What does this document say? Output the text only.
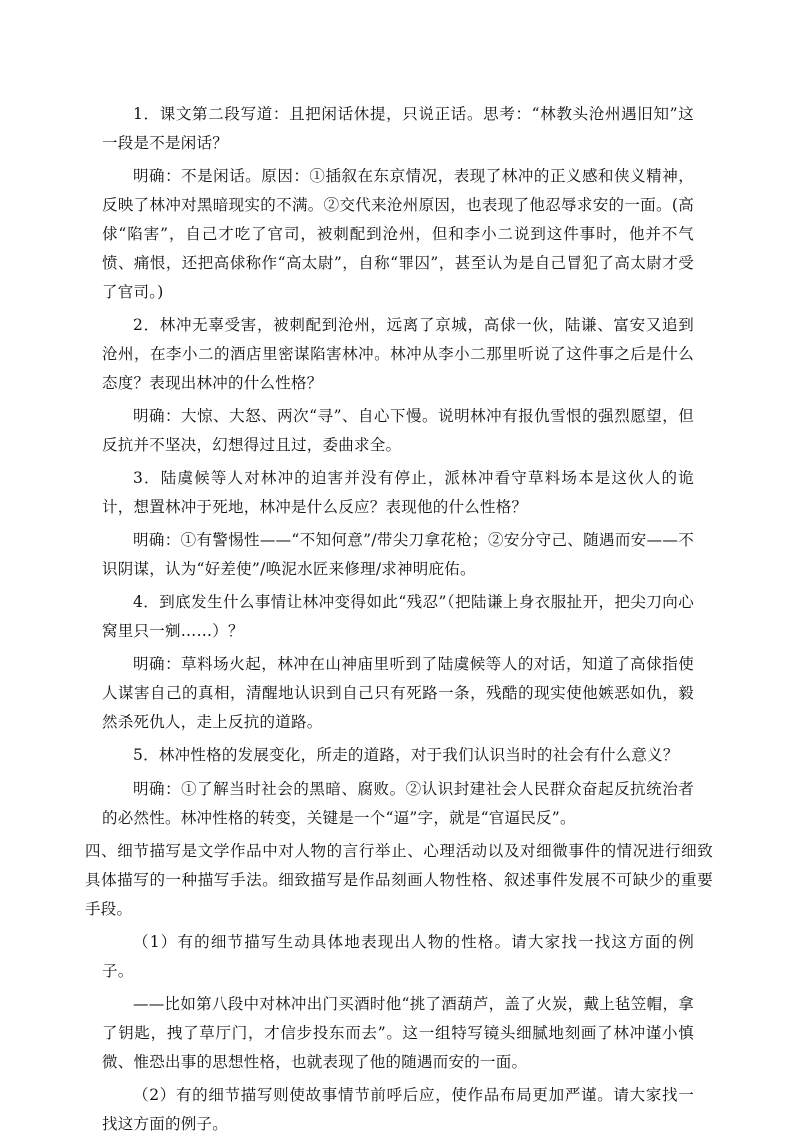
1．课文第二段写道：且把闲话休提，只说正话。思考：“林教头沧州遇旧知”这一段是不是闲话？

明确：不是闲话。原因：①插叙在东京情况，表现了林冲的正义感和侠义精神，反映了林冲对黑暗现实的不满。②交代来沧州原因，也表现了他忍辱求安的一面。(高俅“陷害”，自己才吃了官司，被刺配到沧州，但和李小二说到这件事时，他并不气愤、痛恨，还把高俅称作“高太尉”，自称“罪囚”，甚至认为是自己冒犯了高太尉才受了官司。)

2．林冲无辜受害，被刺配到沧州，远离了京城，高俅一伙，陆谦、富安又追到沧州，在李小二的酒店里密谋陷害林冲。林冲从李小二那里听说了这件事之后是什么态度？表现出林冲的什么性格？

明确：大惊、大怒、两次“寻”、自心下慢。说明林冲有报仇雪恨的强烈愿望，但反抗并不坚决，幻想得过且过，委曲求全。

3．陆虞候等人对林冲的迫害并没有停止，派林冲看守草料场本是这伙人的诡计，想置林冲于死地，林冲是什么反应？表现他的什么性格？

明确：①有警惕性——“不知何意”/带尖刀拿花枪；②安分守己、随遇而安——不识阴谋，认为“好差使”/唤泥水匠来修理/求神明庇佑。

4．到底发生什么事情让林冲变得如此“残忍”（把陆谦上身衣服扯开，把尖刀向心窝里只一剜……）？

明确：草料场火起，林冲在山神庙里听到了陆虞候等人的对话，知道了高俅指使人谋害自己的真相，清醒地认识到自己只有死路一条，残酷的现实使他嫉恶如仇，毅然杀死仇人，走上反抗的道路。

5．林冲性格的发展变化，所走的道路，对于我们认识当时的社会有什么意义？

明确：①了解当时社会的黑暗、腐败。②认识封建社会人民群众奋起反抗统治者的必然性。林冲性格的转变，关键是一个“逼”字，就是“官逼民反”。

四、细节描写是文学作品中对人物的言行举止、心理活动以及对细微事件的情况进行细致具体描写的一种描写手法。细致描写是作品刻画人物性格、叙述事件发展不可缺少的重要手段。

（1）有的细节描写生动具体地表现出人物的性格。请大家找一找这方面的例子。

——比如第八段中对林冲出门买酒时他“挑了酒葫芦，盖了火炭，戴上毡笠帽，拿了钥匙，拽了草厅门，才信步投东而去”。这一组特写镜头细腻地刻画了林冲谨小慎微、惟恐出事的思想性格，也就表现了他的随遇而安的一面。

（2）有的细节描写则使故事情节前呼后应，使作品布局更加严谨。请大家找一找这方面的例子。
